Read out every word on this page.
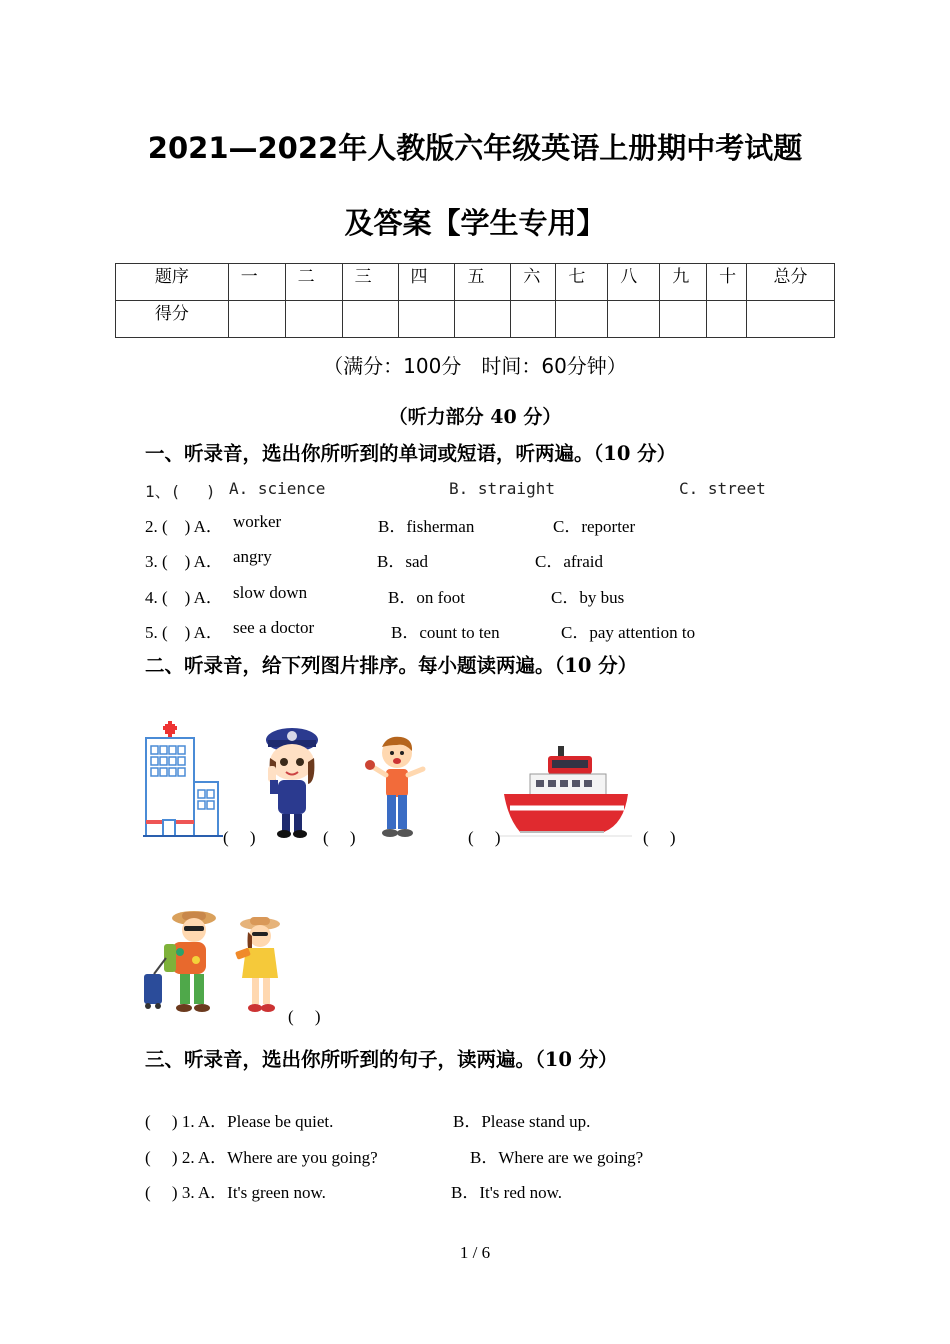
2021—2022年人教版六年级英语上册期中考试题
及答案【学生专用】
题序	一	二	三	四	五	六	七	八	九	十	总分
得分											
（满分：100分　时间：60分钟）
（听力部分 40 分）
一、听录音，选出你所听到的单词或短语，听两遍。（10 分）
1、(　 ) A. science	B. straight	C. street
2. (　) A． worker	B．fisherman	C．reporter
3. (　) A． angry	B．sad	C．afraid
4. (　) A． slow down	B．on foot	C．by bus
5. (　) A． see a doctor	B．count to ten	C．pay attention to
二、听录音，给下列图片排序。每小题读两遍。（10 分）
(　 )	(　 )	(　 )	(　 )
(　 )
三、听录音，选出你所听到的句子，读两遍。（10 分）
(　 ) 1. A．Please be quiet.	B．Please stand up.
(　 ) 2. A．Where are you going?	B．Where are we going?
(　 ) 3. A．It's green now.	B．It's red now.
1 / 6
